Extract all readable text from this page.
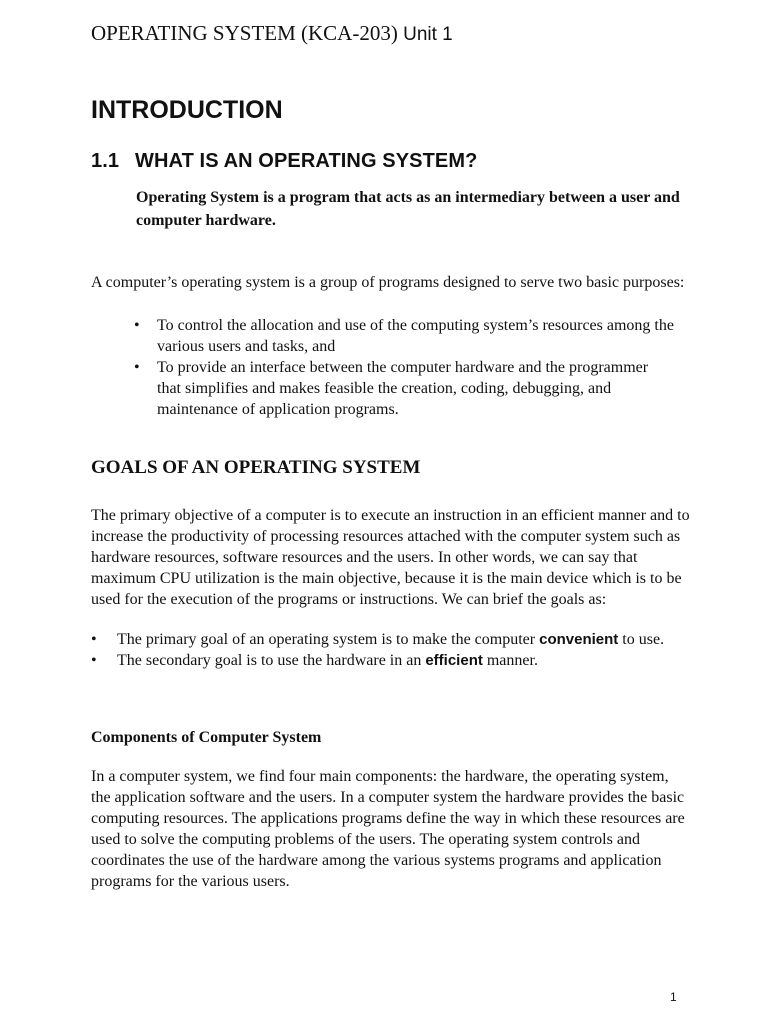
OPERATING SYSTEM (KCA-203) Unit 1
INTRODUCTION
1.1 WHAT IS AN OPERATING SYSTEM?

Operating System is a program that acts as an intermediary between a user and computer hardware.

A computer’s operating system is a group of programs designed to serve two basic purposes:

• To control the allocation and use of the computing system’s resources among the various users and tasks, and
• To provide an interface between the computer hardware and the programmer that simplifies and makes feasible the creation, coding, debugging, and maintenance of application programs.
GOALS OF AN OPERATING SYSTEM

The primary objective of a computer is to execute an instruction in an efficient manner and to increase the productivity of processing resources attached with the computer system such as hardware resources, software resources and the users. In other words, we can say that maximum CPU utilization is the main objective, because it is the main device which is to be used for the execution of the programs or instructions. We can brief the goals as:

• The primary goal of an operating system is to make the computer convenient to use.
• The secondary goal is to use the hardware in an efficient manner.
Components of Computer System

In a computer system, we find four main components: the hardware, the operating system, the application software and the users. In a computer system the hardware provides the basic computing resources. The applications programs define the way in which these resources are used to solve the computing problems of the users. The operating system controls and coordinates the use of the hardware among the various systems programs and application programs for the various users.

1
